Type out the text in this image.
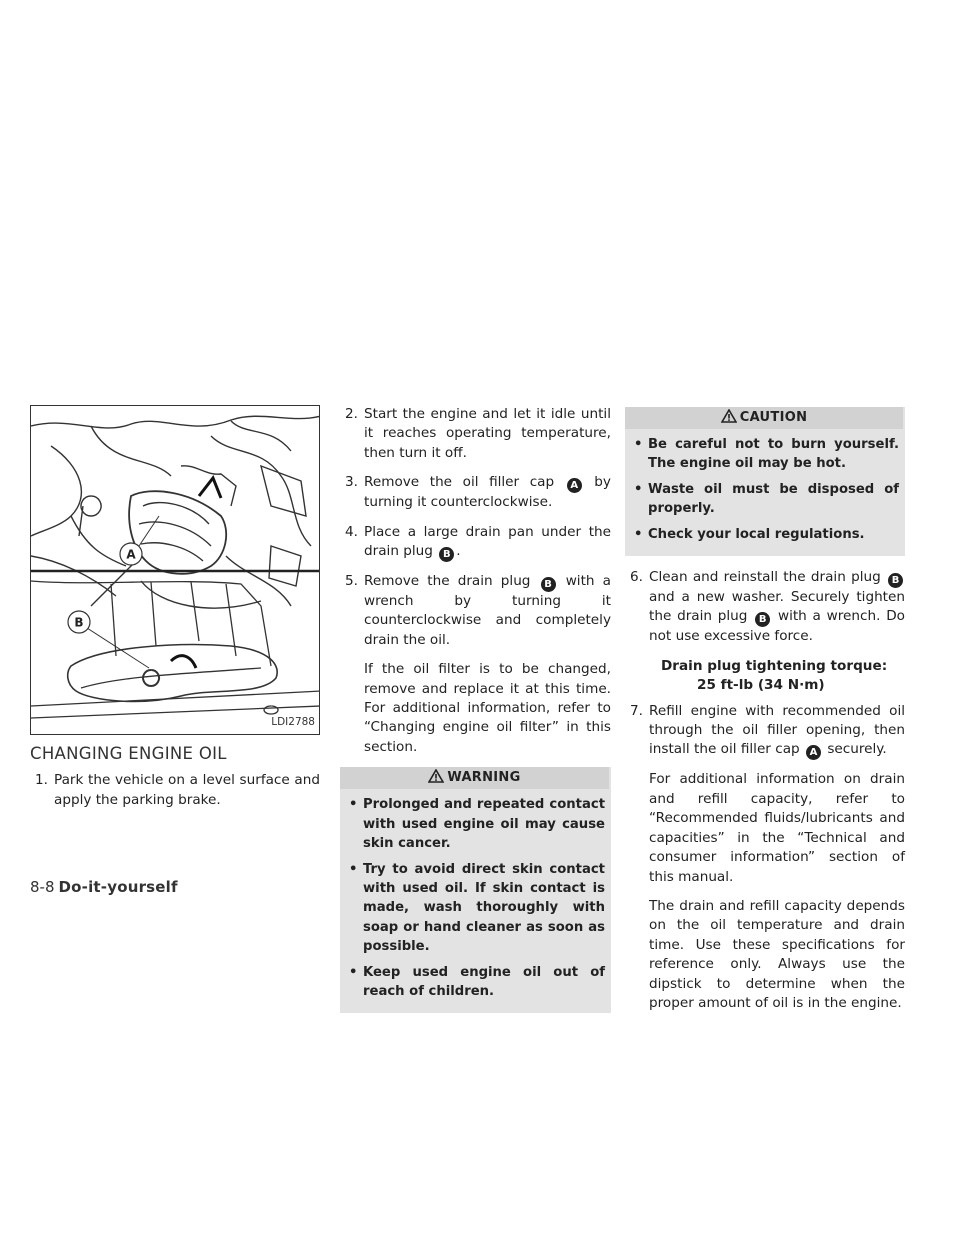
A
B
LDI2788
CHANGING ENGINE OIL
1. Park the vehicle on a level surface and apply the parking brake.
2. Start the engine and let it idle until it reaches operating temperature, then turn it off.
3. Remove the oil filler cap A by turning it counterclockwise.
4. Place a large drain pan under the drain plug B .
5. Remove the drain plug B with a wrench by turning it counterclockwise and completely drain the oil.
If the oil filter is to be changed, remove and replace it at this time. For additional information, refer to “Changing engine oil filter” in this section.
WARNING
• Prolonged and repeated contact with used engine oil may cause skin cancer.
• Try to avoid direct skin contact with used oil. If skin contact is made, wash thoroughly with soap or hand cleaner as soon as possible.
• Keep used engine oil out of reach of children.
CAUTION
• Be careful not to burn yourself. The engine oil may be hot.
• Waste oil must be disposed of properly.
• Check your local regulations.
6. Clean and reinstall the drain plug B and a new washer. Securely tighten the drain plug B with a wrench. Do not use excessive force.
Drain plug tightening torque:
25 ft-lb (34 N·m)
7. Refill engine with recommended oil through the oil filler opening, then install the oil filler cap A securely.
For additional information on drain and refill capacity, refer to “Recommended fluids/lubricants and capacities” in the “Technical and consumer information” section of this manual.
The drain and refill capacity depends on the oil temperature and drain time. Use these specifications for reference only. Always use the dipstick to determine when the proper amount of oil is in the engine.
8-8 Do-it-yourself
